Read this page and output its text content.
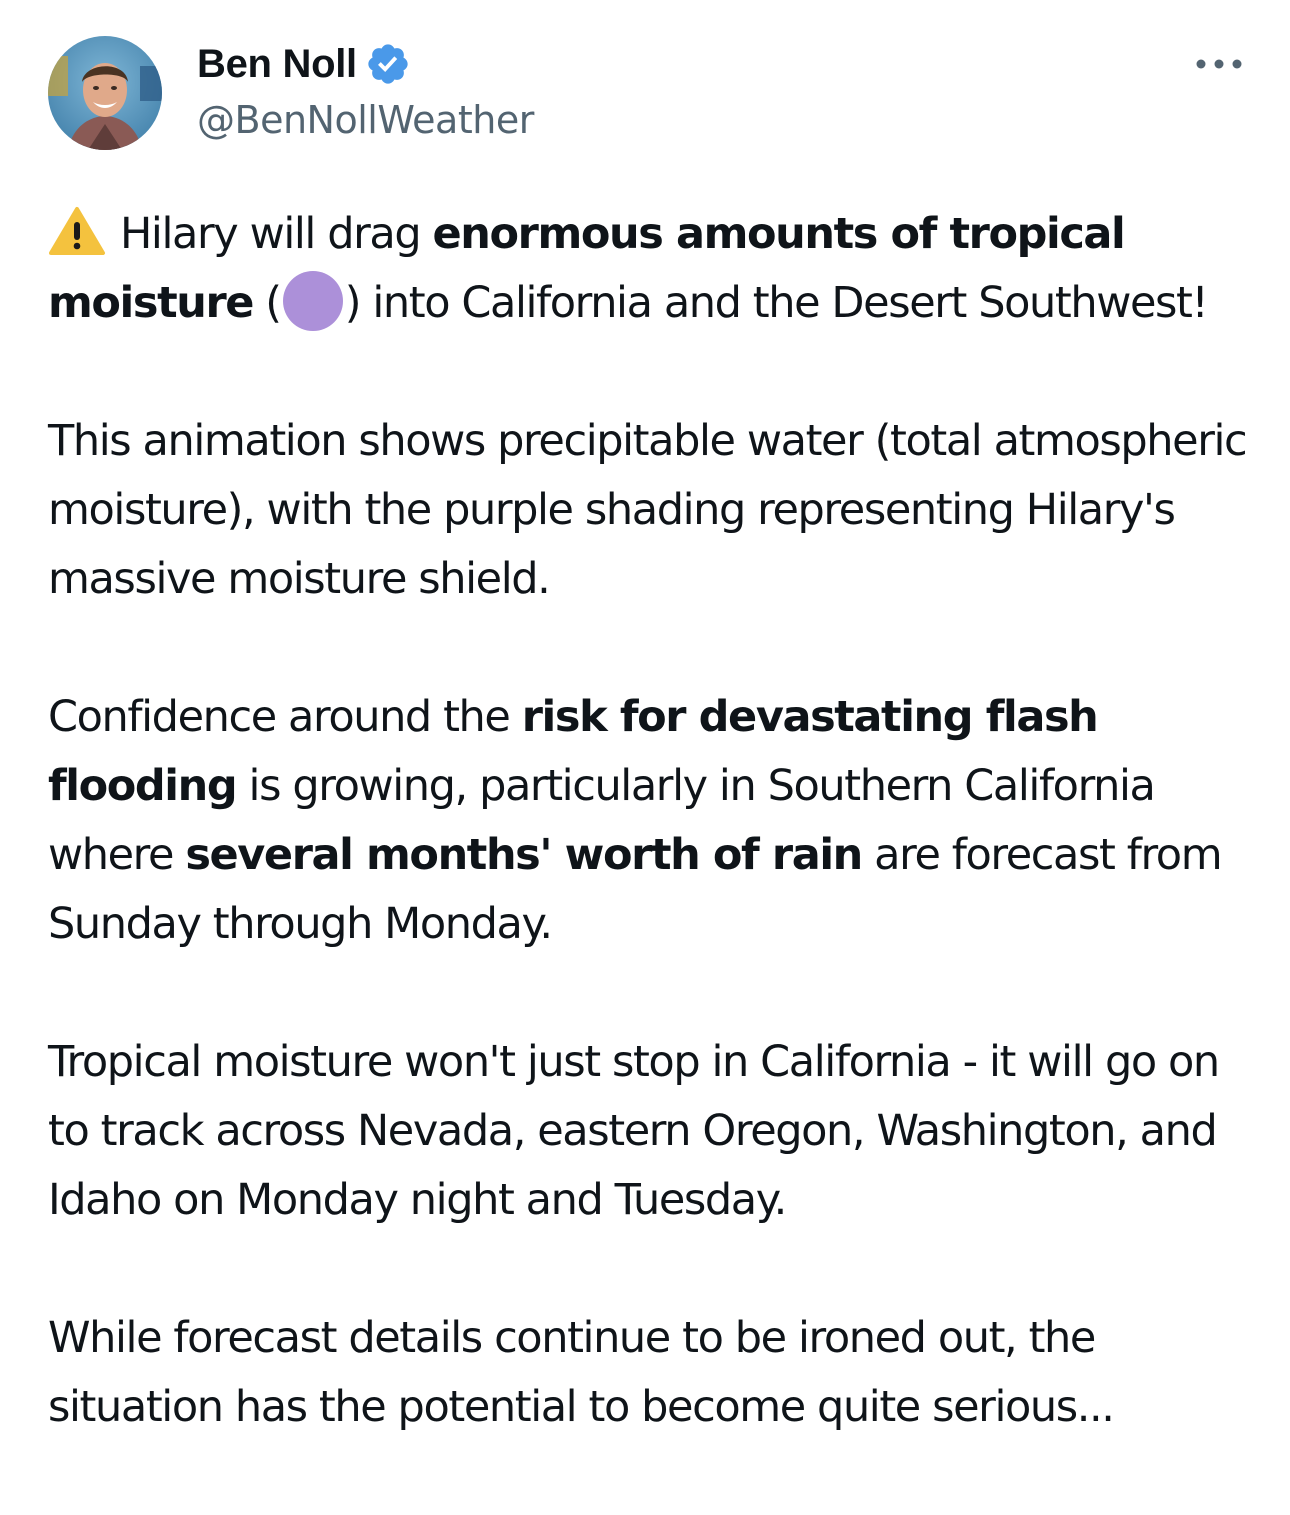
Ben Noll
@BenNollWeather

Hilary will drag enormous amounts of tropical moisture ( ) into California and the Desert Southwest!

This animation shows precipitable water (total atmospheric moisture), with the purple shading representing Hilary's massive moisture shield.

Confidence around the risk for devastating flash flooding is growing, particularly in Southern California where several months' worth of rain are forecast from Sunday through Monday.

Tropical moisture won't just stop in California - it will go on to track across Nevada, eastern Oregon, Washington, and Idaho on Monday night and Tuesday.

While forecast details continue to be ironed out, the situation has the potential to become quite serious...
